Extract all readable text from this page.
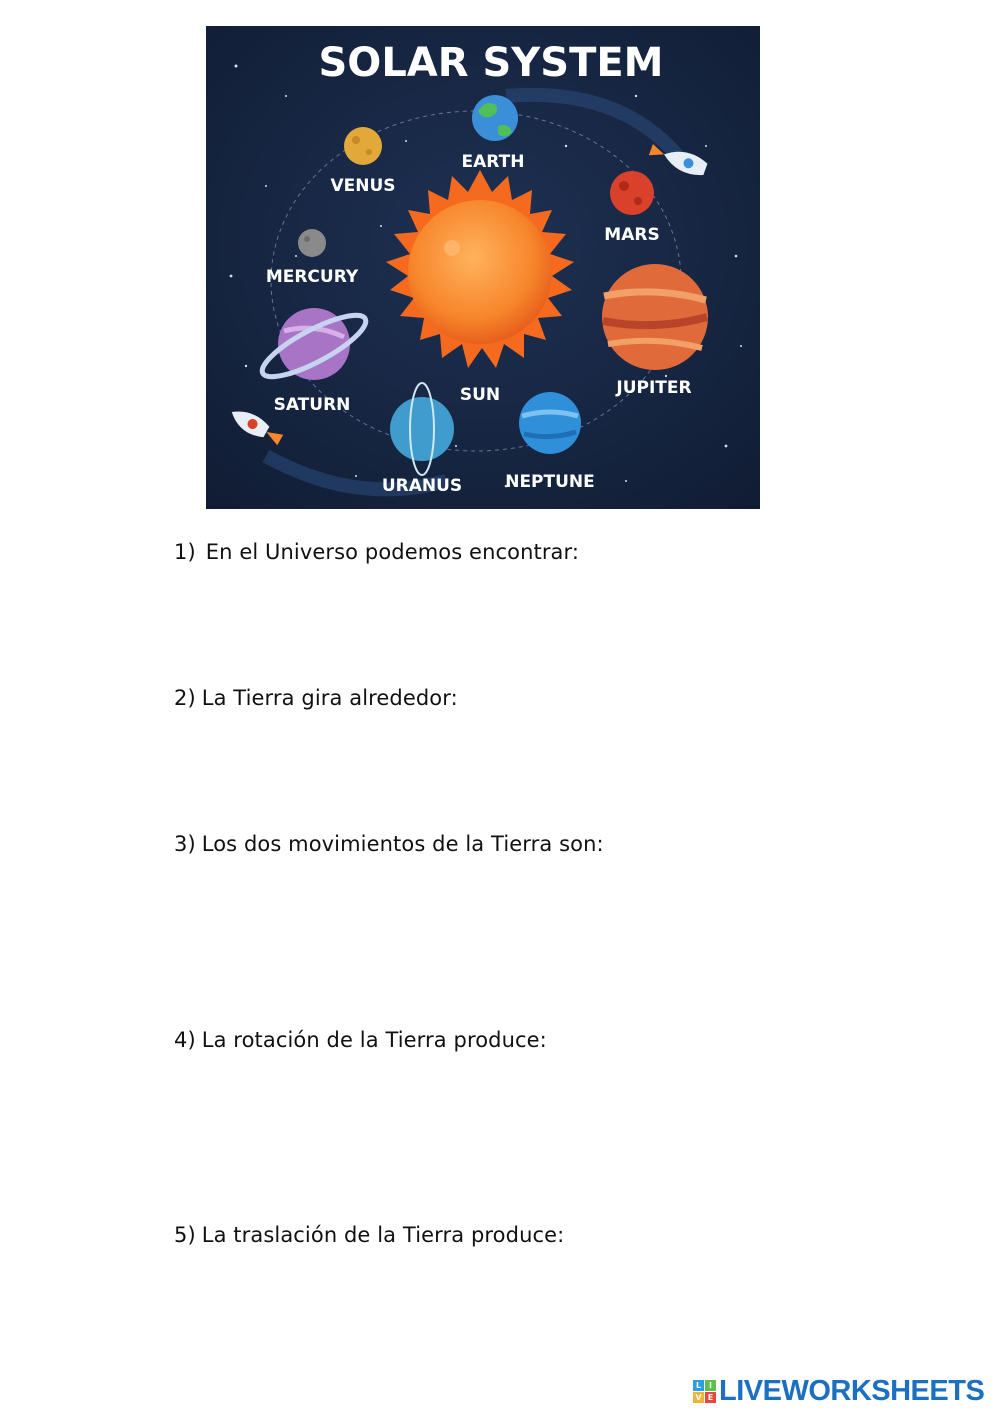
SOLAR SYSTEM
SUN
EARTH
VENUS
MARS
MERCURY
JUPITER
SATURN
URANUS	NEPTUNE
1) En el Universo podemos encontrar:
2) La Tierra gira alrededor:
3) Los dos movimientos de la Tierra son:
4) La rotación de la Tierra produce:
5) La traslación de la Tierra produce:
L I
V E LIVEWORKSHEETS
